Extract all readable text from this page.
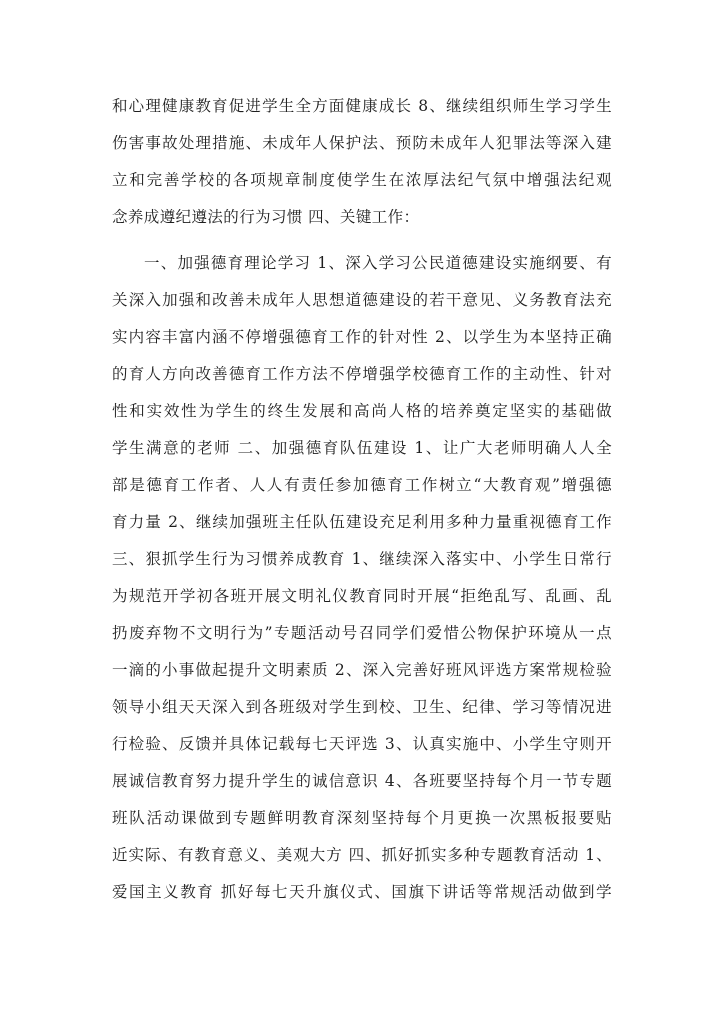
和心理健康教育促进学生全方面健康成长 8、继续组织师生学习学生
伤害事故处理措施、未成年人保护法、预防未成年人犯罪法等深入建
立和完善学校的各项规章制度使学生在浓厚法纪气氛中增强法纪观
念养成遵纪遵法的行为习惯 四、关键工作：
一、加强德育理论学习 1、深入学习公民道德建设实施纲要、有
关深入加强和改善未成年人思想道德建设的若干意见、义务教育法充
实内容丰富内涵不停增强德育工作的针对性 2、以学生为本坚持正确
的育人方向改善德育工作方法不停增强学校德育工作的主动性、针对
性和实效性为学生的终生发展和高尚人格的培养奠定坚实的基础做
学生满意的老师 二、加强德育队伍建设 1、让广大老师明确人人全
部是德育工作者、人人有责任参加德育工作树立“大教育观”增强德
育力量 2、继续加强班主任队伍建设充足利用多种力量重视德育工作
三、狠抓学生行为习惯养成教育 1、继续深入落实中、小学生日常行
为规范开学初各班开展文明礼仪教育同时开展“拒绝乱写、乱画、乱
扔废弃物不文明行为”专题活动号召同学们爱惜公物保护环境从一点
一滴的小事做起提升文明素质 2、深入完善好班风评选方案常规检验
领导小组天天深入到各班级对学生到校、卫生、纪律、学习等情况进
行检验、反馈并具体记载每七天评选 3、认真实施中、小学生守则开
展诚信教育努力提升学生的诚信意识 4、各班要坚持每个月一节专题
班队活动课做到专题鲜明教育深刻坚持每个月更换一次黑板报要贴
近实际、有教育意义、美观大方 四、抓好抓实多种专题教育活动 1、
爱国主义教育 抓好每七天升旗仪式、国旗下讲话等常规活动做到学
